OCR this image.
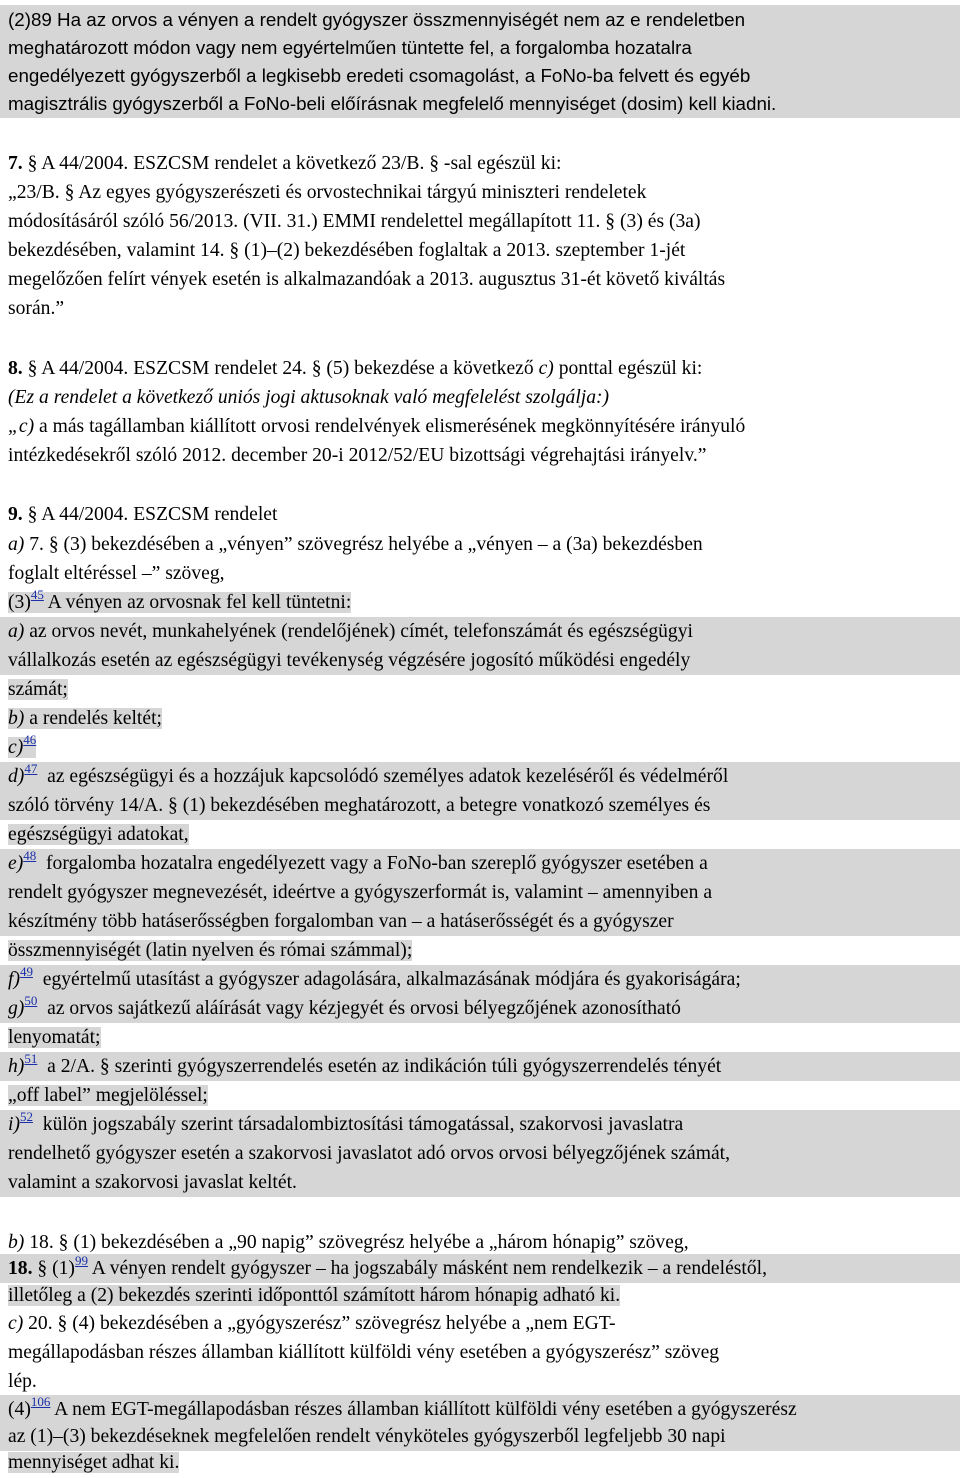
(2)89 Ha az orvos a vényen a rendelt gyógyszer összmennyiségét nem az e rendeletben
meghatározott módon vagy nem egyértelműen tüntette fel, a forgalomba hozatalra
engedélyezett gyógyszerből a legkisebb eredeti csomagolást, a FoNo-ba felvett és egyéb
magisztrális gyógyszerből a FoNo-beli előírásnak megfelelő mennyiséget (dosim) kell kiadni.
7. § A 44/2004. ESZCSM rendelet a következő 23/B. § -sal egészül ki:
„23/B. § Az egyes gyógyszerészeti és orvostechnikai tárgyú miniszteri rendeletek
módosításáról szóló 56/2013. (VII. 31.) EMMI rendelettel megállapított 11. § (3) és (3a)
bekezdésében, valamint 14. § (1)–(2) bekezdésében foglaltak a 2013. szeptember 1-jét
megelőzően felírt vények esetén is alkalmazandóak a 2013. augusztus 31-ét követő kiváltás
során.”
8. § A 44/2004. ESZCSM rendelet 24. § (5) bekezdése a következő c) ponttal egészül ki:
(Ez a rendelet a következő uniós jogi aktusoknak való megfelelést szolgálja:)
„c) a más tagállamban kiállított orvosi rendelvények elismerésének megkönnyítésére irányuló
intézkedésekről szóló 2012. december 20-i 2012/52/EU bizottsági végrehajtási irányelv.”
9. § A 44/2004. ESZCSM rendelet
a) 7. § (3) bekezdésében a „vényen” szövegrész helyébe a „vényen – a (3a) bekezdésben
foglalt eltéréssel –” szöveg,
(3)$^{45}$ A vényen az orvosnak fel kell tüntetni:
a) az orvos nevét, munkahelyének (rendelőjének) címét, telefonszámát és egészségügyi
vállalkozás esetén az egészségügyi tevékenység végzésére jogosító működési engedély
számát;
b) a rendelés keltét;
c)$^{46}$
d)$^{47}$  az egészségügyi és a hozzájuk kapcsolódó személyes adatok kezeléséről és védelméről
szóló törvény 14/A. § (1) bekezdésében meghatározott, a betegre vonatkozó személyes és
egészségügyi adatokat,
e)$^{48}$  forgalomba hozatalra engedélyezett vagy a FoNo-ban szereplő gyógyszer esetében a
rendelt gyógyszer megnevezését, ideértve a gyógyszerformát is, valamint – amennyiben a
készítmény több hatáserősségben forgalomban van – a hatáserősségét és a gyógyszer
összmennyiségét (latin nyelven és római számmal);
f)$^{49}$  egyértelmű utasítást a gyógyszer adagolására, alkalmazásának módjára és gyakoriságára;
g)$^{50}$  az orvos sajátkezű aláírását vagy kézjegyét és orvosi bélyegzőjének azonosítható
lenyomatát;
h)$^{51}$  a 2/A. § szerinti gyógyszerrendelés esetén az indikáción túli gyógyszerrendelés tényét
„off label” megjelöléssel;
i)$^{52}$  külön jogszabály szerint társadalombiztosítási támogatással, szakorvosi javaslatra
rendelhető gyógyszer esetén a szakorvosi javaslatot adó orvos orvosi bélyegzőjének számát,
valamint a szakorvosi javaslat keltét.
b) 18. § (1) bekezdésében a „90 napig” szövegrész helyébe a „három hónapig” szöveg,
18. § (1)$^{99}$ A vényen rendelt gyógyszer – ha jogszabály másként nem rendelkezik – a rendeléstől,
illetőleg a (2) bekezdés szerinti időponttól számított három hónapig adható ki.
c) 20. § (4) bekezdésében a „gyógyszerész” szövegrész helyébe a „nem EGT-
megállapodásban részes államban kiállított külföldi vény esetében a gyógyszerész” szöveg
lép.
(4)$^{106}$ A nem EGT-megállapodásban részes államban kiállított külföldi vény esetében a gyógyszerész
az (1)–(3) bekezdéseknek megfelelően rendelt vényköteles gyógyszerből legfeljebb 30 napi
mennyiséget adhat ki.
